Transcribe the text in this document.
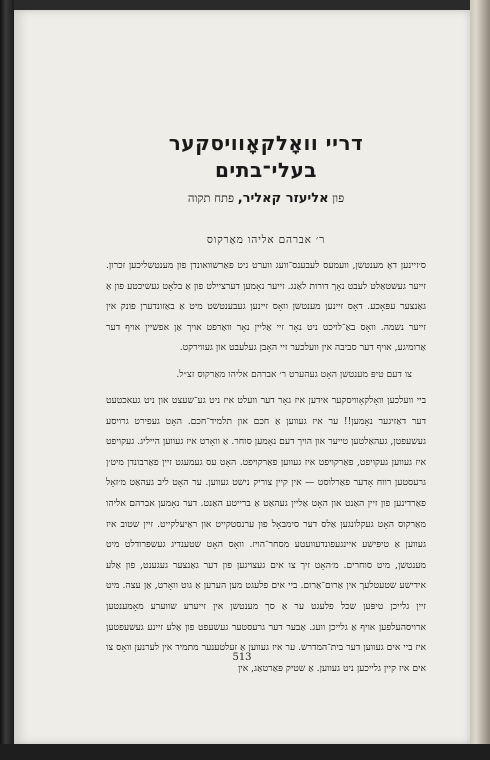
דריי וואָלקאָוויסקער
בעלי־בתים
פון אליעזר קאליר, פתח תקוה
ר׳ אברהם אליהו מאַרקוס

ס׳זיינען דאָ מענטשן, וועמעס לעבענס־וועג ווערט ניט פאַרשוואונדן פון מענטשליכען זכרון. זייער געשטאַלט לעבט נאָך דורות לאַנג. זייער נאָמען דערציילט פון אַ בלאָט געשיכטע פון אַ גאַנצער עפּאָכע. דאָס זיינען מענטשן וואָס זיינען געבענטשט מיט אַ באַזונדערן פונק אין זייער נשמה. וואָס באַ־לויכט ניט נאָר זיי אַליין נאָר וואַרפט אויך אַן אפשיין אויף דער אַרומיגע, אויף דער סביבה אין וועלכער זיי האָבן געלעבט און געווירקט.

צו דעם טיפּ מענטשן האָט געהערט ר׳ אברהם אליהו מאַרקוס זצ״ל.

ביי וועלכען וואָלקאָוויסקער אידען איז גאָר דער וועלט איז ניט גע־שעצט און ניט געאכטעט דער דאַזיגער נאָמען!! ער איז געווען אַ חכם און תלמיד־חכם. האָט געפירט גרויסע געשעפטן, געהאַלטען טייער און הויך דעם נאָמען סוחר. אַ וואָרט איז געווען הייליג. געקויפט איז געווען געקויפט, פאַרקויפט איז געווען פאַרקויפט. האָט עס געמעגט זיין פאַרבונדן מיט׳ן גרעסטען רווח אָדער פאַרלוסט — אין קיין צוריק נישט געווען. ער האָט ליב געהאַט מ׳זאָל פאַרדינען פון זיין האַנט און האָט אַליין געהאַט אַ ברייטע האַנט. דער נאָמען אברהם אליהו מאַרקוס האָט געקלונגען אַלס דער סימבאָל פון ערנסטקייט און ראַיעלקייט. זיין שטוב איז געווען אַ טיפּישע איינגעפונדעוועטע מסחר־הויז. וואָס האָט שטענדיג געשפּרודלט מיט מענטשן, מיט סוחרים. מ׳האָט זיך צו אים געצויגען פון דער גאַנצער געגענט, פון אַלע אידישע שטעטלעך אין אַרום־אַרום. ביי אים פלעגט מען הערען אַ גוט וואָרט, אַן עצה. מיט זיין גלייכן טיפּען שכל פלעגט ער אַ סך מענטשן אין זייערע שווערע מאָמענטען ארויסהעלפען אויף אַ גלייכן וועג. אַבער דער גרעסטער געשעפט פון אַלע זיינע געשעפטען איז ביי אים געווען דער בית־המדרש. ער איז געווען אַ זעלטענער מתמיד אין לערנען וואָס צו אים איז קיין גלייכען ניט געווען. אַ שטיק פּאַרטאַג, אין

513
